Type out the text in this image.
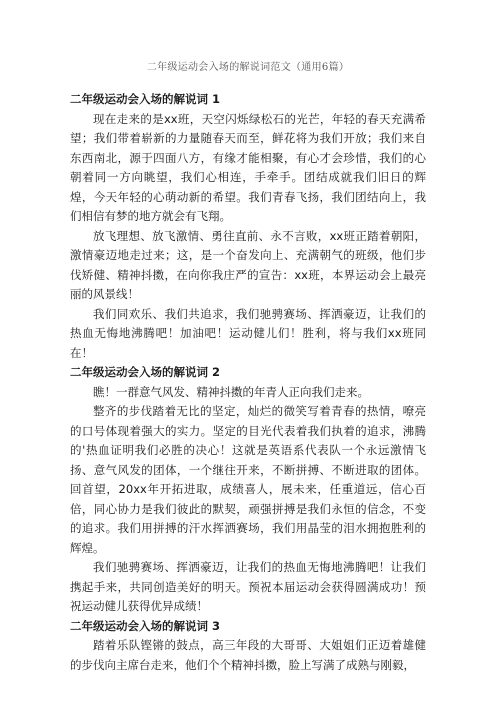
二年级运动会入场的解说词范文（通用6篇）
二年级运动会入场的解说词 1

现在走来的是xx班，天空闪烁绿松石的光芒，年轻的春天充满希望；我们带着崭新的力量随春天而至，鲜花将为我们开放；我们来自东西南北，源于四面八方，有缘才能相聚，有心才会珍惜，我们的心朝着同一方向眺望，我们心相连，手牵手。团结成就我们旧日的辉煌，今天年轻的心萌动新的希望。我们青春飞扬，我们团结向上，我们相信有梦的地方就会有飞翔。

放飞理想、放飞激情、勇往直前、永不言败，xx班正踏着朝阳，激情豪迈地走过来；这，是一个奋发向上、充满朝气的班级，他们步伐矫健、精神抖擞，在向你我庄严的宣告：xx班，本界运动会上最亮丽的风景线！

我们同欢乐、我们共追求，我们驰骋赛场、挥洒豪迈，让我们的热血无悔地沸腾吧！加油吧！运动健儿们！胜利，将与我们xx班同在！

二年级运动会入场的解说词 2

瞧！一群意气风发、精神抖擞的年青人正向我们走来。

整齐的步伐踏着无比的坚定，灿烂的微笑写着青春的热情，嘹亮的口号体现着强大的实力。坚定的目光代表着我们执着的追求，沸腾的'热血证明我们必胜的决心！这就是英语系代表队一个永远激情飞扬、意气风发的团体，一个继往开来，不断拼搏、不断进取的团体。回首望，20xx年开拓进取，成绩喜人，展未来，任重道远，信心百倍，同心协力是我们彼此的默契，顽强拼搏是我们永恒的信念，不变的追求。我们用拼搏的汗水挥洒赛场，我们用晶莹的泪水拥抱胜利的辉煌。

我们驰骋赛场、挥洒豪迈，让我们的热血无悔地沸腾吧！让我们携起手来，共同创造美好的明天。预祝本届运动会获得圆满成功！预祝运动健儿获得优异成绩！

二年级运动会入场的解说词 3

踏着乐队铿锵的鼓点，高三年段的大哥哥、大姐姐们正迈着雄健的步伐向主席台走来，他们个个精神抖擞，脸上写满了成熟与刚毅，
